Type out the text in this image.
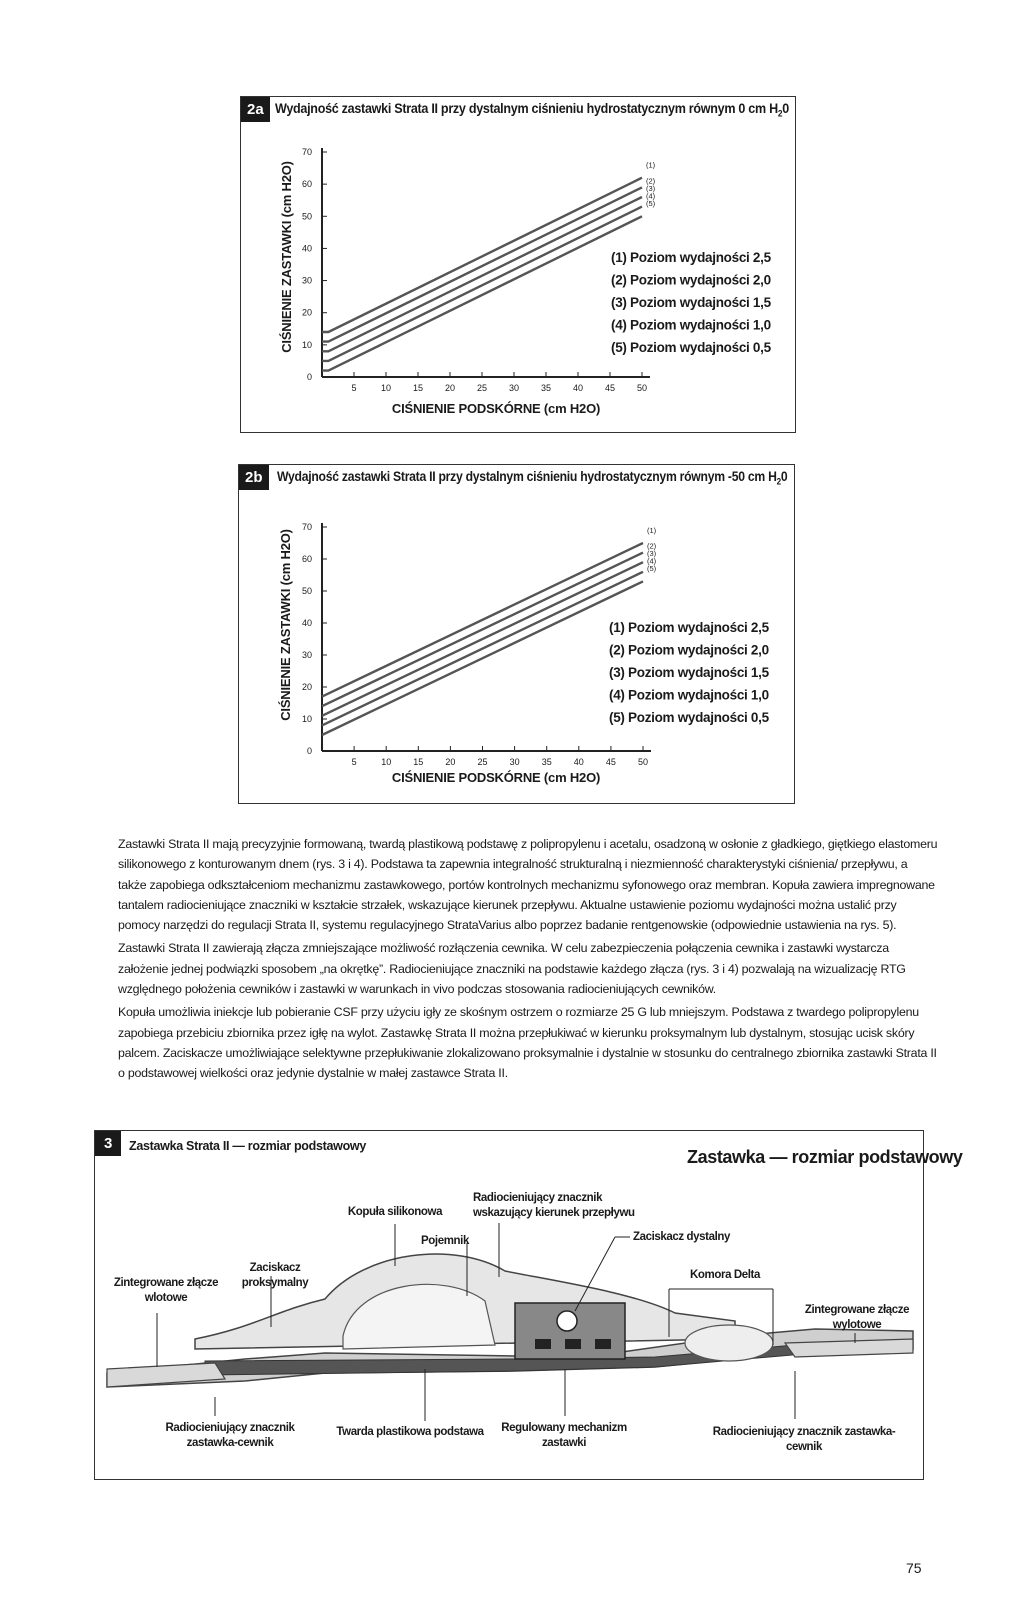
2a Wydajność zastawki Strata II przy dystalnym ciśnieniu hydrostatycznym równym 0 cm $H_20$
0
10
20
30
40
50
60
70
5	10 15 20 25 30 35 40 45 50
(1)
(1) Poziom wydajności 2,5
(2)
(2) Poziom wydajności 2,0
(3)
(3) Poziom wydajności 1,5
(4)
(4) Poziom wydajności 1,0
(5)
(5) Poziom wydajności 0,5
CIŚNIENIE PODSKÓRNE (cm H2O)
CIŚNIENIE ZASTAWKI (cm H2O)
2b	Wydajność zastawki Strata II przy dystalnym ciśnieniu hydrostatycznym równym -50 cm $H_20$
0
10
20
30
40
50
60
70
5	10 15 20 25 30 35 40 45 50
(1)
(1) Poziom wydajności 2,5
(2)
(2) Poziom wydajności 2,0
(3)
(3) Poziom wydajności 1,5
(4)
(4) Poziom wydajności 1,0
(5)
(5) Poziom wydajności 0,5
CIŚNIENIE PODSKÓRNE (cm H2O)
CIŚNIENIE ZASTAWKI (cm H2O)

Zastawki Strata II mają precyzyjnie formowaną, twardą plastikową podstawę z polipropylenu i acetalu, osadzoną w osłonie z gładkiego, giętkiego elastomeru silikonowego z konturowanym dnem (rys. 3 i 4). Podstawa ta zapewnia integralność strukturalną i niezmienność charakterystyki ciśnienia/ przepływu, a także zapobiega odkształceniom mechanizmu zastawkowego, portów kontrolnych mechanizmu syfonowego oraz membran. Kopuła zawiera impregnowane tantalem radiocieniujące znaczniki w kształcie strzałek, wskazujące kierunek przepływu. Aktualne ustawienie poziomu wydajności można ustalić przy pomocy narzędzi do regulacji Strata II, systemu regulacyjnego StrataVarius albo poprzez badanie rentgenowskie (odpowiednie ustawienia na rys. 5).

Zastawki Strata II zawierają złącza zmniejszające możliwość rozłączenia cewnika. W celu zabezpieczenia połączenia cewnika i zastawki wystarcza założenie jednej podwiązki sposobem „na okrętkę”. Radiocieniujące znaczniki na podstawie każdego złącza (rys. 3 i 4) pozwalają na wizualizację RTG względnego położenia cewników i zastawki w warunkach in vivo podczas stosowania radiocieniujących cewników.

Kopuła umożliwia iniekcje lub pobieranie CSF przy użyciu igły ze skośnym ostrzem o rozmiarze 25 G lub mniejszym. Podstawa z twardego polipropylenu zapobiega przebiciu zbiornika przez igłę na wylot. Zastawkę Strata II można przepłukiwać w kierunku proksymalnym lub dystalnym, stosując ucisk skóry palcem. Zaciskacze umożliwiające selektywne przepłukiwanie zlokalizowano proksymalnie i dystalnie w stosunku do centralnego zbiornika zastawki Strata II o podstawowej wielkości oraz jedynie dystalnie w małej zastawce Strata II.

3	Zastawka Strata II — rozmiar podstawowy
Zastawka — rozmiar podstawowy
Zintegrowane złącze wlotowe
Zaciskacz proksymalny
Kopuła silikonowa
Pojemnik
Radiocieniujący znacznik wskazujący kierunek przepływu
Zaciskacz dystalny
Komora Delta
Zintegrowane złącze wylotowe
Radiocieniujący znacznik zastawka-cewnik
Twarda plastikowa podstawa Regulowany mechanizm zastawki
Radiocieniujący znacznik zastawka-cewnik
75
